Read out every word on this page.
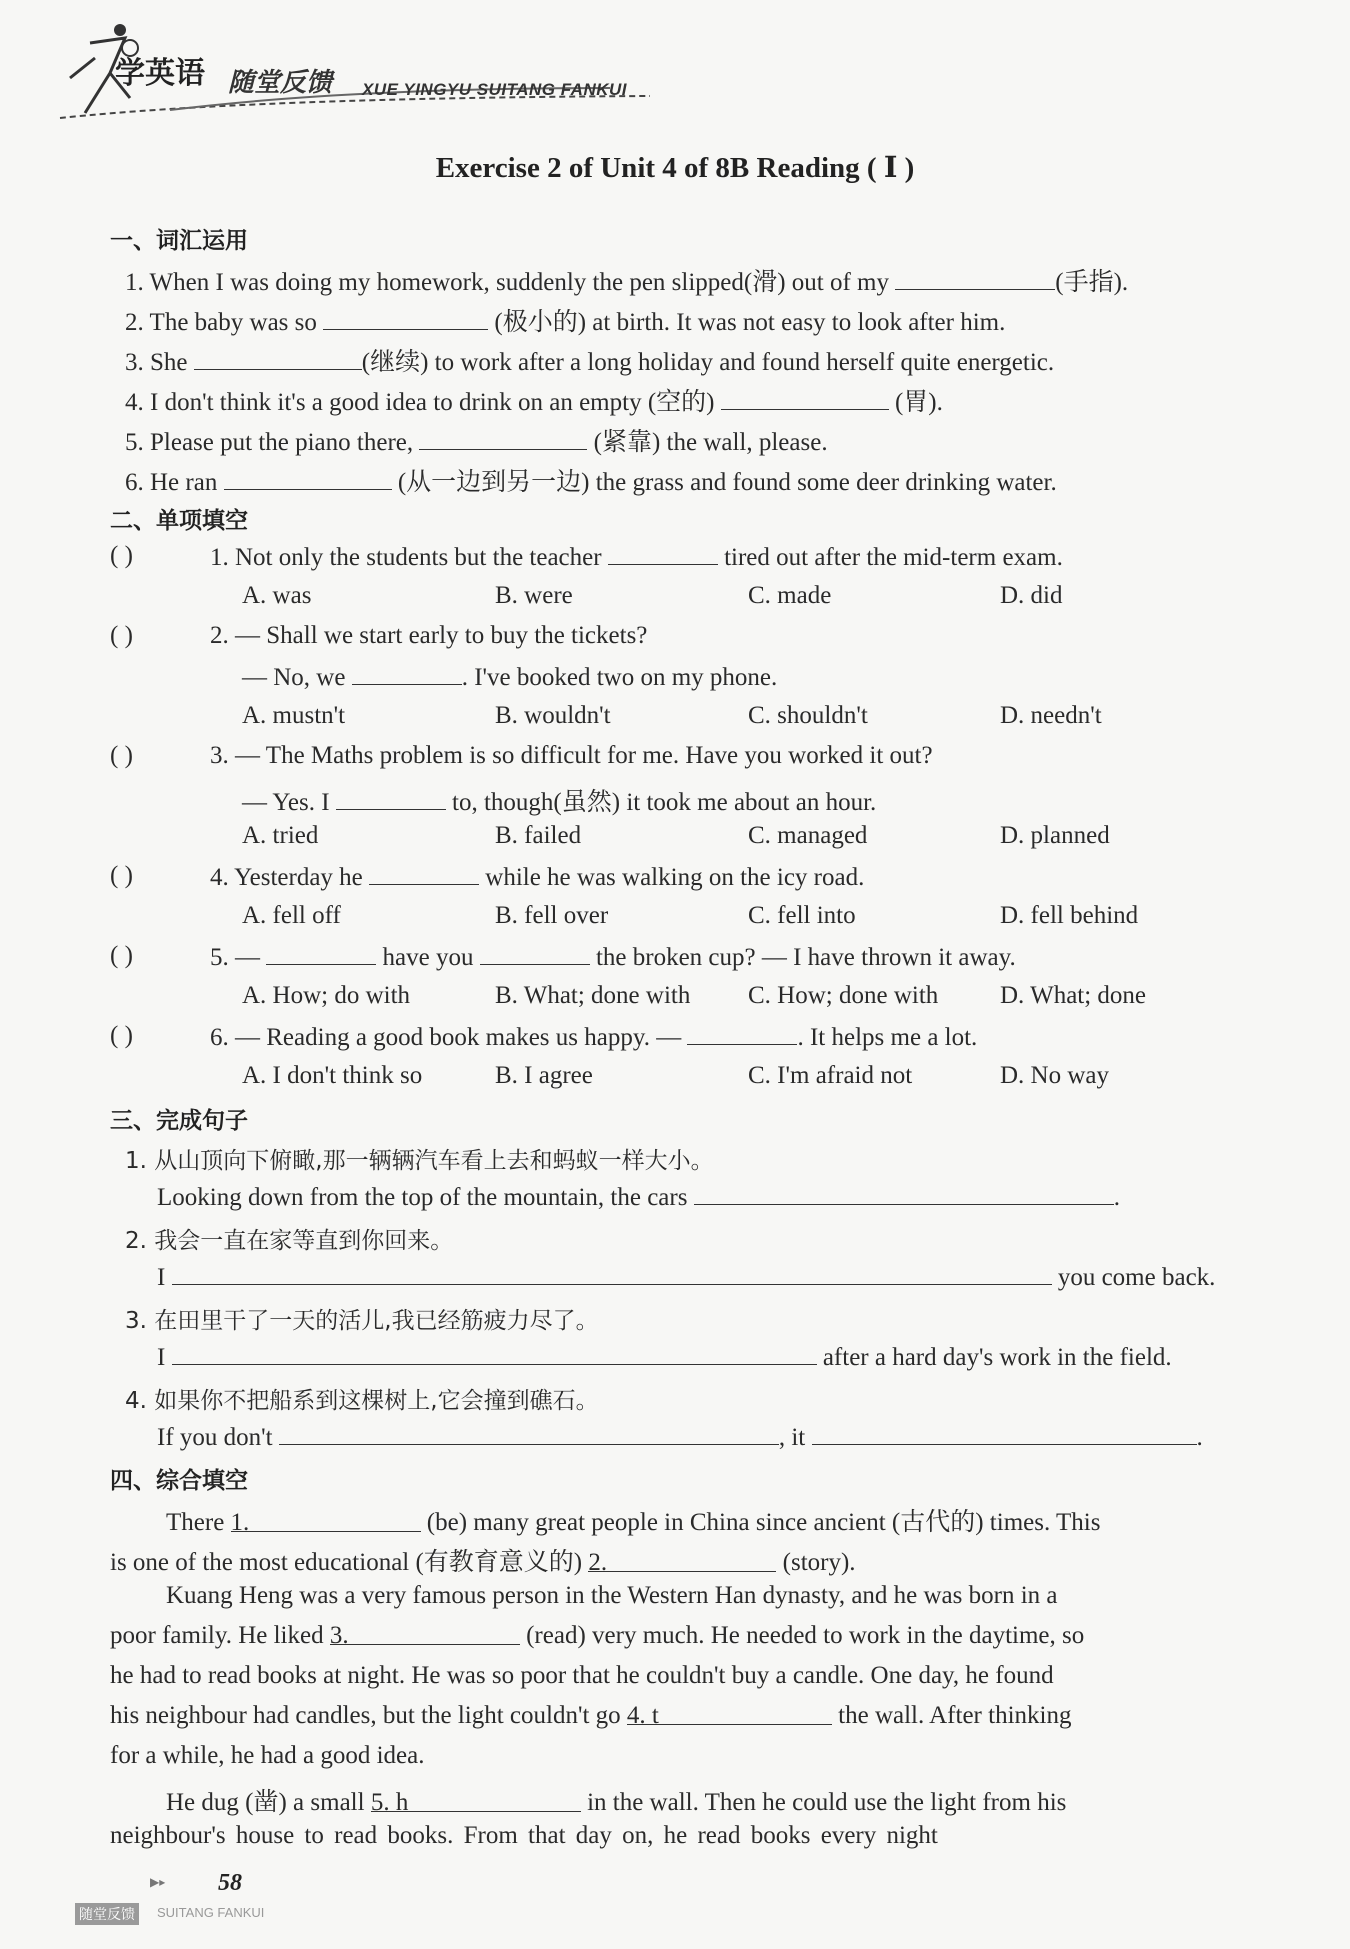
学英语 随堂反馈 XUE YINGYU SUITANG FANKUI
Exercise 2 of Unit 4 of 8B Reading ( Ⅰ )
一、词汇运用
1. When I was doing my homework, suddenly the pen slipped(滑) out of my	(手指).
2. The baby was so	(极小的) at birth. It was not easy to look after him.
3. She	(继续) to work after a long holiday and found herself quite energetic.
4. I don't think it's a good idea to drink on an empty (空的)	(胃).
5. Please put the piano there,	(紧靠) the wall, please.
6. He ran	(从一边到另一边) the grass and found some deer drinking water.
二、单项填空
( )	1. Not only the students but the teacher	tired out after the mid-term exam.
A. was	B. were	C. made	D. did
( )	2. — Shall we start early to buy the tickets?
— No, we	. I've booked two on my phone.
A. mustn't	B. wouldn't	C. shouldn't	D. needn't
( )	3. — The Maths problem is so difficult for me. Have you worked it out?
— Yes. I	to, though(虽然) it took me about an hour.
A. tried	B. failed	C. managed	D. planned
( )	4. Yesterday he	while he was walking on the icy road.
A. fell off	B. fell over	C. fell into	D. fell behind
( )	5. —	have you	the broken cup? — I have thrown it away.
A. How; do with	B. What; done with C. How; done with D. What; done
( )	6. — Reading a good book makes us happy. —	. It helps me a lot.
A. I don't think so	B. I agree	C. I'm afraid not	D. No way
三、完成句子
1. 从山顶向下俯瞰,那一辆辆汽车看上去和蚂蚁一样大小。
Looking down from the top of the mountain, the cars	.
2. 我会一直在家等直到你回来。
I	you come back.
3. 在田里干了一天的活儿,我已经筋疲力尽了。
I	after a hard day's work in the field.
4. 如果你不把船系到这棵树上,它会撞到礁石。
If you don't	, it	.
四、综合填空
There 1.	(be) many great people in China since ancient (古代的) times. This
is one of the most educational (有教育意义的) 2.	(story).
Kuang Heng was a very famous person in the Western Han dynasty, and he was born in a
poor family. He liked 3.	(read) very much. He needed to work in the daytime, so
he had to read books at night. He was so poor that he couldn't buy a candle. One day, he found
his neighbour had candles, but the light couldn't go 4. t	the wall. After thinking
for a while, he had a good idea.
He dug (凿) a small 5. h	in the wall. Then he could use the light from his
neighbour's house to read books. From that day on, he read books every night
▶▸ 58
随堂反馈	SUITANG FANKUI
